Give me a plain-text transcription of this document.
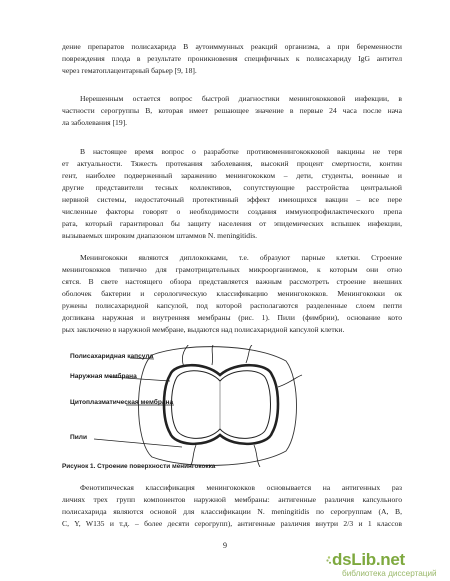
дение препаратов полисахарида В аутоиммунных реакций организма, а при беременности
повреждения плода в результате проникновения специфичных к полисахариду IgG антител
через гематоплацентарный барьер [9, 18].
Нерешенным остается вопрос быстрой диагностики менингококковой инфекции, в
частности серогруппы В, которая имеет решающее значение в первые 24 часа после нача
ла заболевания [19].
В настоящее время вопрос о разработке противоменингококковой вакцины не теря
ет актуальности. Тяжесть протекания заболевания, высокий процент смертности, контин
гент, наиболее подверженный заражению менингококком – дети, студенты, военные и
другие представители тесных коллективов, сопутствующие расстройства центральной
нервной системы, недостаточный протективный эффект имеющихся вакцин – все пере
численные факторы говорят о необходимости создания иммунопрофилактического препа
рата, который гарантировал бы защиту населения от эпидемических вспышек инфекции,
вызываемых широким диапазоном штаммов N. meningitidis.
Менингококки являются диплококками, т.е. образуют парные клетки. Строение
менингококков типично для грамотрицательных микроорганизмов, к которым они отно
сятся. В свете настоящего обзора представляется важным рассмотреть строение внешних
оболочек бактерии и серологическую классификацию менингококков. Менингококки ок
ружены полисахаридной капсулой, под которой располагаются разделенные слоем пепти
догликана наружная и внутренняя мембраны (рис. 1). Пили (фимбрии), основание кото
рых заключено в наружной мембране, выдаются над полисахаридной капсулой клетки.
Фенотипическая классификация менингококков основывается на антигенных раз
личиях трех групп компонентов наружной мембраны: антигенные различия капсульного
полисахарида являются основой для классификации N. meningitidis по серогруппам (А, В,
С, Y, W135 и т.д. – более десяти серогрупп), антигенные различия внутри 2/3 и 1 классов
Полисахаридная капсула
Наружная мембрана
Цитоплазматическая мембрана
Пили
Рисунок 1. Строение поверхности менингококка
9
dsLib.net
библиотека диссертаций
